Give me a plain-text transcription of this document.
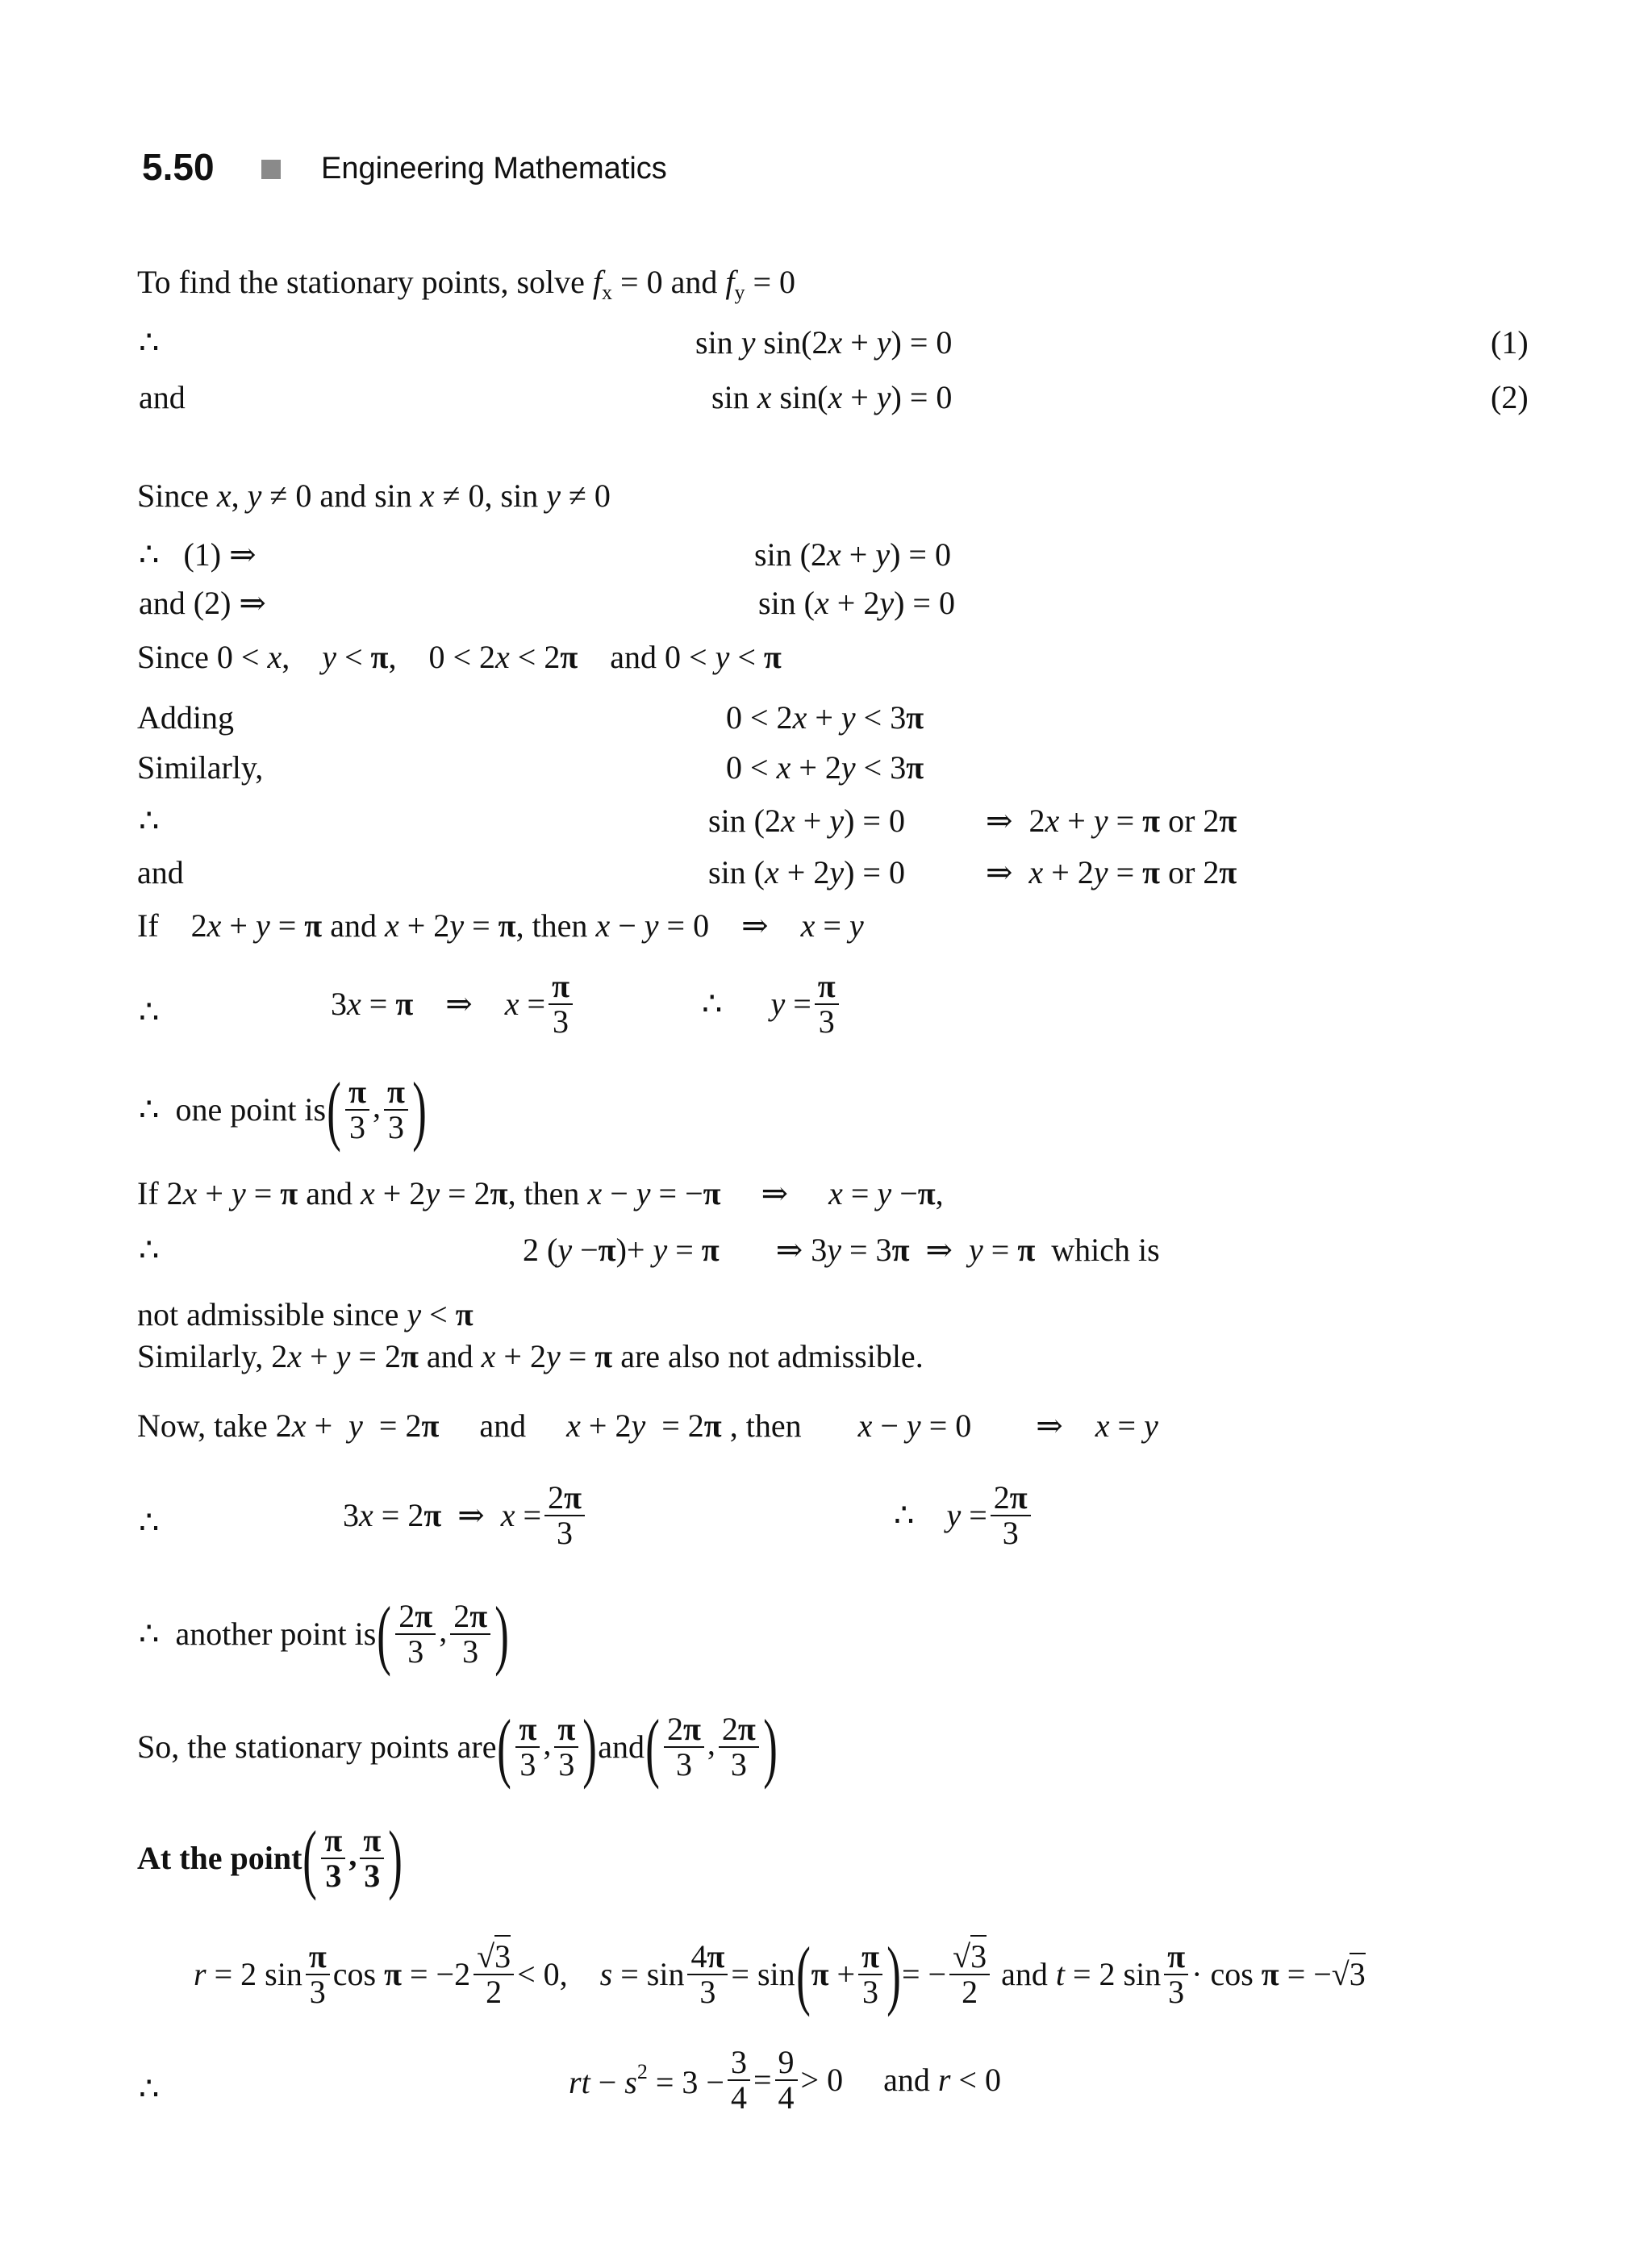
5.50	Engineering Mathematics
To find the stationary points, solve $f_x = 0$ and $f_y = 0$
∴	sin y sin(2x + y) = 0	(1)
and	sin x sin(x + y) = 0	(2)
Since x, y ≠ 0 and sin x ≠ 0, sin y ≠ 0
∴   (1) ⇒	sin (2x + y) = 0
and (2) ⇒	sin (x + 2y) = 0
Since 0 < x,    y < π,    0 < 2x < 2π    and 0 < y < π
Adding	0 < 2x + y < 3π
Similarly,	0 < x + 2y < 3π
∴	sin (2x + y) = 0	⇒  2x + y = π or 2π
and	sin (x + 2y) = 0	⇒  x + 2y = π or 2π
If    2x + y = π and x + 2y = π, then x − y = 0    ⇒    x = y
∴	3x = π    ⇒    $x = \frac{\pi}{3}$	∴      $y = \frac{\pi}{3}$
∴  one point $is( \frac{\pi}{3}$ , $\frac{\pi}{3}$ )
If 2x + y = π and x + 2y = 2π, then x − y = −π     ⇒     x = y −π,
∴	2 (y −π)+ y = π       ⇒ 3y = 3π  ⇒  y = π  which is
not admissible since y < π
Similarly, 2x + y = 2π and x + 2y = π are also not admissible.
Now, take 2x +  y  = 2π     and     x + 2y  = 2π , then       x − y = 0        ⇒    x = y
∴	3x = 2π  ⇒  $x = \frac{2\pi}{3}$	∴    $y = \frac{2\pi}{3}$
∴  another point $is( \frac{2\pi}{3}$ , $\frac{2\pi}{3}$ )
So, the stationary points $are( \frac{\pi}{3}$ , $\frac{\pi}{3} )and( \frac{2\pi}{3}$ , $\frac{2\pi}{3}$ )
At the point( $\frac{\pi}{3}$ , $\frac{\pi}{3}$ )
r = 2 $\sin \frac{\pi}{3}$ $\cos \pi = -2 \frac{√3}{2} < 0$,    $s = \sin \frac{4\pi}{3} = \sin(\pi + \frac{\pi}{3}$ )= − $\frac{√3}{2}$ and t = 2 $\sin \frac{\pi}{3} \cdot \cos \pi = -√3$
∴	rt − $s^2 = 3 - \frac{3}{4} = \frac{9}{4} > 0$     and r < 0
